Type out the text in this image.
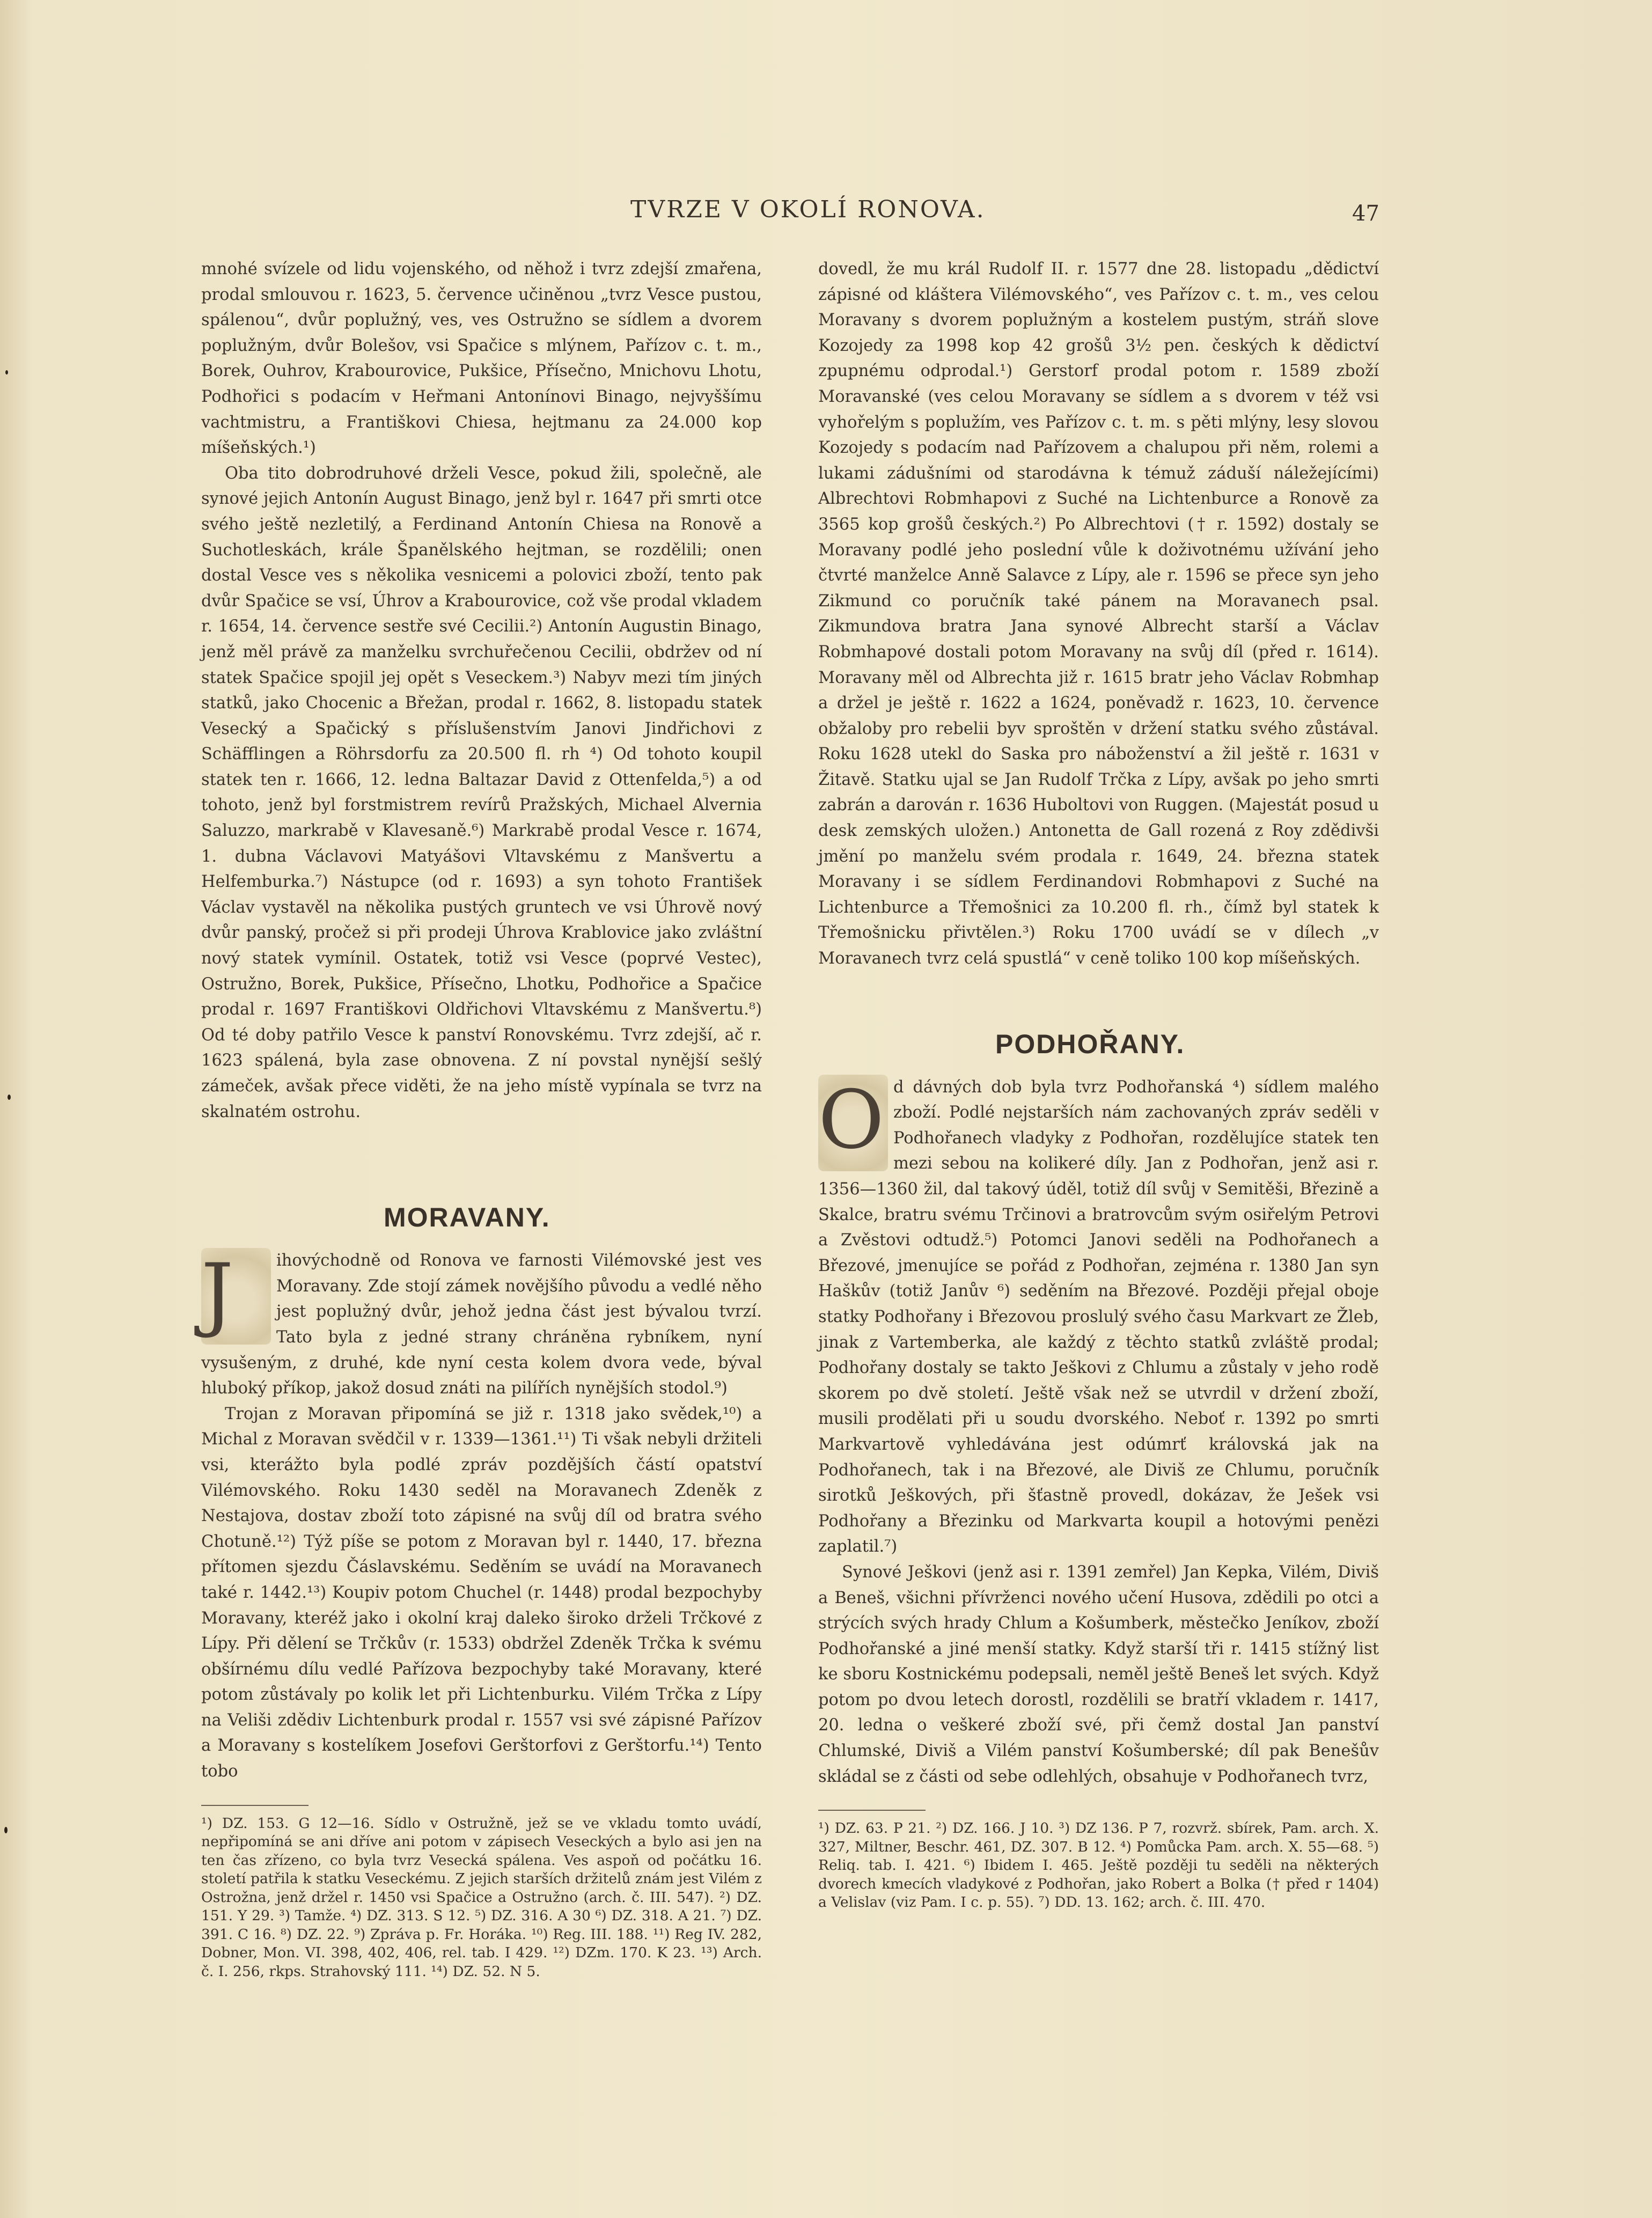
TVRZE V OKOLÍ RONOVA.	47

mnohé svízele od lidu vojenského, od něhož i tvrz zdejší zmařena, prodal smlouvou r. 1623, 5. července učiněnou „tvrz Vesce pustou, spálenou“, dvůr poplužný, ves, ves Ostružno se sídlem a dvorem poplužným, dvůr Bolešov, vsi Spačice s mlýnem, Pařízov c. t. m., Borek, Ouhrov, Krabourovice, Pukšice, Přísečno, Mnichovu Lhotu, Podhořici s podacím v Heřmani Antonínovi Binago, nejvyššímu vachtmistru, a Františkovi Chiesa, hejtmanu za 24.000 kop míšeňských.¹)

Oba tito dobrodruhové drželi Vesce, pokud žili, společně, ale synové jejich Antonín August Binago, jenž byl r. 1647 při smrti otce svého ještě nezletilý, a Ferdinand Antonín Chiesa na Ronově a Suchotleskách, krále Španělského hejtman, se rozdělili; onen dostal Vesce ves s několika vesnicemi a polovici zboží, tento pak dvůr Spačice se vsí, Úhrov a Krabourovice, což vše prodal vkladem r. 1654, 14. července sestře své Cecilii.²) Antonín Augustin Binago, jenž měl právě za manželku svrchuřečenou Cecilii, obdržev od ní statek Spačice spojil jej opět s Veseckem.³) Nabyv mezi tím jiných statků, jako Chocenic a Břežan, prodal r. 1662, 8. listopadu statek Vesecký a Spačický s příslušenstvím Janovi Jindřichovi z Schäfflingen a Röhrsdorfu za 20.500 fl. rh ⁴) Od tohoto koupil statek ten r. 1666, 12. ledna Baltazar David z Ottenfelda,⁵) a od tohoto, jenž byl forstmistrem revírů Pražských, Michael Alvernia Saluzzo, markrabě v Klavesaně.⁶) Markrabě prodal Vesce r. 1674, 1. dubna Václavovi Matyášovi Vltavskému z Manšvertu a Helfemburka.⁷) Nástupce (od r. 1693) a syn tohoto František Václav vystavěl na několika pustých gruntech ve vsi Úhrově nový dvůr panský, pročež si při prodeji Úhrova Krablovice jako zvláštní nový statek vymínil. Ostatek, totiž vsi Vesce (poprvé Vestec), Ostružno, Borek, Pukšice, Přísečno, Lhotku, Podhořice a Spačice prodal r. 1697 Františkovi Oldřichovi Vltavskému z Manšvertu.⁸) Od té doby patřilo Vesce k panství Ronovskému. Tvrz zdejší, ač r. 1623 spálená, byla zase obnovena. Z ní povstal nynější sešlý zámeček, avšak přece viděti, že na jeho místě vypínala se tvrz na skalnatém ostrohu.

MORAVANY.
J	ihovýchodně od Ronova ve farnosti Vilémovské jest ves Moravany. Zde stojí zámek novějšího původu a vedlé něho jest poplužný dvůr, jehož jedna část jest bývalou tvrzí. Tato byla z jedné strany chráněna rybníkem, nyní vysušeným, z druhé, kde nyní cesta kolem dvora vede, býval hluboký příkop, jakož dosud znáti na pilířích nynějších stodol.⁹)

Trojan z Moravan připomíná se již r. 1318 jako svědek,¹⁰) a Michal z Moravan svědčil v r. 1339—1361.¹¹) Ti však nebyli držiteli vsi, kterážto byla podlé zpráv pozdějších částí opatství Vilémovského. Roku 1430 seděl na Moravanech Zdeněk z Nestajova, dostav zboží toto zápisné na svůj díl od bratra svého Chotuně.¹²) Týž píše se potom z Moravan byl r. 1440, 17. března přítomen sjezdu Čáslavskému. Seděním se uvádí na Moravanech také r. 1442.¹³) Koupiv potom Chuchel (r. 1448) prodal bezpochyby Moravany, kteréž jako i okolní kraj daleko široko drželi Trčkové z Lípy. Při dělení se Trčkův (r. 1533) obdržel Zdeněk Trčka k svému obšírnému dílu vedlé Pařízova bezpochyby také Moravany, které potom zůstávaly po kolik let při Lichtenburku. Vilém Trčka z Lípy na Veliši zdědiv Lichtenburk prodal r. 1557 vsi své zápisné Pařízov a Moravany s kostelíkem Josefovi Gerštorfovi z Gerštorfu.¹⁴) Tento tobo

¹) DZ. 153. G 12—16. Sídlo v Ostružně, jež se ve vkladu tomto uvádí, nepřipomíná se ani dříve ani potom v zápisech Veseckých a bylo asi jen na ten čas zřízeno, co byla tvrz Vesecká spálena. Ves aspoň od počátku 16. století patřila k statku Veseckému. Z jejich starších držitelů znám jest Vilém z Ostrožna, jenž držel r. 1450 vsi Spačice a Ostružno (arch. č. III. 547). ²) DZ. 151. Y 29. ³) Tamže. ⁴) DZ. 313. S 12. ⁵) DZ. 316. A 30 ⁶) DZ. 318. A 21. ⁷) DZ. 391. C 16. ⁸) DZ. 22. ⁹) Zpráva p. Fr. Horáka. ¹⁰) Reg. III. 188. ¹¹) Reg IV. 282, Dobner, Mon. VI. 398, 402, 406, rel. tab. I 429. ¹²) DZm. 170. K 23. ¹³) Arch. č. I. 256, rkps. Strahovský 111. ¹⁴) DZ. 52. N 5.

dovedl, že mu král Rudolf II. r. 1577 dne 28. listopadu „dědictví zápisné od kláštera Vilémovského“, ves Pařízov c. t. m., ves celou Moravany s dvorem poplužným a kostelem pustým, stráň slove Kozojedy za 1998 kop 42 grošů 3½ pen. českých k dědictví zpupnému odprodal.¹) Gerstorf prodal potom r. 1589 zboží Moravanské (ves celou Moravany se sídlem a s dvorem v též vsi vyhořelým s poplužím, ves Pařízov c. t. m. s pěti mlýny, lesy slovou Kozojedy s podacím nad Pařízovem a chalupou při něm, rolemi a lukami zádušními od starodávna k témuž záduší náležejícími) Albrechtovi Robmhapovi z Suché na Lichtenburce a Ronově za 3565 kop grošů českých.²) Po Albrechtovi († r. 1592) dostaly se Moravany podlé jeho poslední vůle k doživotnému užívání jeho čtvrté manželce Anně Salavce z Lípy, ale r. 1596 se přece syn jeho Zikmund co poručník také pánem na Moravanech psal. Zikmundova bratra Jana synové Albrecht starší a Václav Robmhapové dostali potom Moravany na svůj díl (před r. 1614). Moravany měl od Albrechta již r. 1615 bratr jeho Václav Robmhap a držel je ještě r. 1622 a 1624, poněvadž r. 1623, 10. července obžaloby pro rebelii byv sproštěn v držení statku svého zůstával. Roku 1628 utekl do Saska pro náboženství a žil ještě r. 1631 v Žitavě. Statku ujal se Jan Rudolf Trčka z Lípy, avšak po jeho smrti zabrán a darován r. 1636 Huboltovi von Ruggen. (Majestát posud u desk zemských uložen.) Antonetta de Gall rozená z Roy zdědivši jmění po manželu svém prodala r. 1649, 24. března statek Moravany i se sídlem Ferdinandovi Robmhapovi z Suché na Lichtenburce a Třemošnici za 10.200 fl. rh., čímž byl statek k Třemošnicku přivtělen.³) Roku 1700 uvádí se v dílech „v Moravanech tvrz celá spustlá“ v ceně toliko 100 kop míšeňských.

PODHOŘANY.
O d dávných dob byla tvrz Podhořanská ⁴) sídlem malého zboží. Podlé nejstarších nám zachovaných zpráv seděli v Podhořanech vladyky z Podhořan, rozdělujíce statek ten mezi sebou na kolikeré díly. Jan z Podhořan, jenž asi r. 1356—1360 žil, dal takový úděl, totiž díl svůj v Semitěši, Březině a Skalce, bratru svému Trčinovi a bratrovcům svým osiřelým Petrovi a Zvěstovi odtudž.⁵) Potomci Janovi seděli na Podhořanech a Březové, jmenujíce se pořád z Podhořan, zejména r. 1380 Jan syn Haškův (totiž Janův ⁶) seděním na Březové. Později přejal oboje statky Podhořany i Březovou proslulý svého času Markvart ze Žleb, jinak z Vartemberka, ale každý z těchto statků zvláště prodal; Podhořany dostaly se takto Ješkovi z Chlumu a zůstaly v jeho rodě skorem po dvě století. Ještě však než se utvrdil v držení zboží, musili prodělati při u soudu dvorského. Neboť r. 1392 po smrti Markvartově vyhledávána jest odúmrť královská jak na Podhořanech, tak i na Březové, ale Diviš ze Chlumu, poručník sirotků Ješkových, při šťastně provedl, dokázav, že Ješek vsi Podhořany a Březinku od Markvarta koupil a hotovými penězi zaplatil.⁷)

Synové Ješkovi (jenž asi r. 1391 zemřel) Jan Kepka, Vilém, Diviš a Beneš, všichni přívrženci nového učení Husova, zdědili po otci a strýcích svých hrady Chlum a Košumberk, městečko Jeníkov, zboží Podhořanské a jiné menší statky. Když starší tři r. 1415 stížný list ke sboru Kostnickému podepsali, neměl ještě Beneš let svých. Když potom po dvou letech dorostl, rozdělili se bratří vkladem r. 1417, 20. ledna o veškeré zboží své, při čemž dostal Jan panství Chlumské, Diviš a Vilém panství Košumberské; díl pak Benešův skládal se z části od sebe odlehlých, obsahuje v Podhořanech tvrz,

¹) DZ. 63. P 21. ²) DZ. 166. J 10. ³) DZ 136. P 7, rozvrž. sbírek, Pam. arch. X. 327, Miltner, Beschr. 461, DZ. 307. B 12. ⁴) Pomůcka Pam. arch. X. 55—68. ⁵) Reliq. tab. I. 421. ⁶) Ibidem I. 465. Ještě později tu seděli na některých dvorech kmecích vladykové z Podhořan, jako Robert a Bolka († před r 1404) a Velislav (viz Pam. I c. p. 55). ⁷) DD. 13. 162; arch. č. III. 470.
